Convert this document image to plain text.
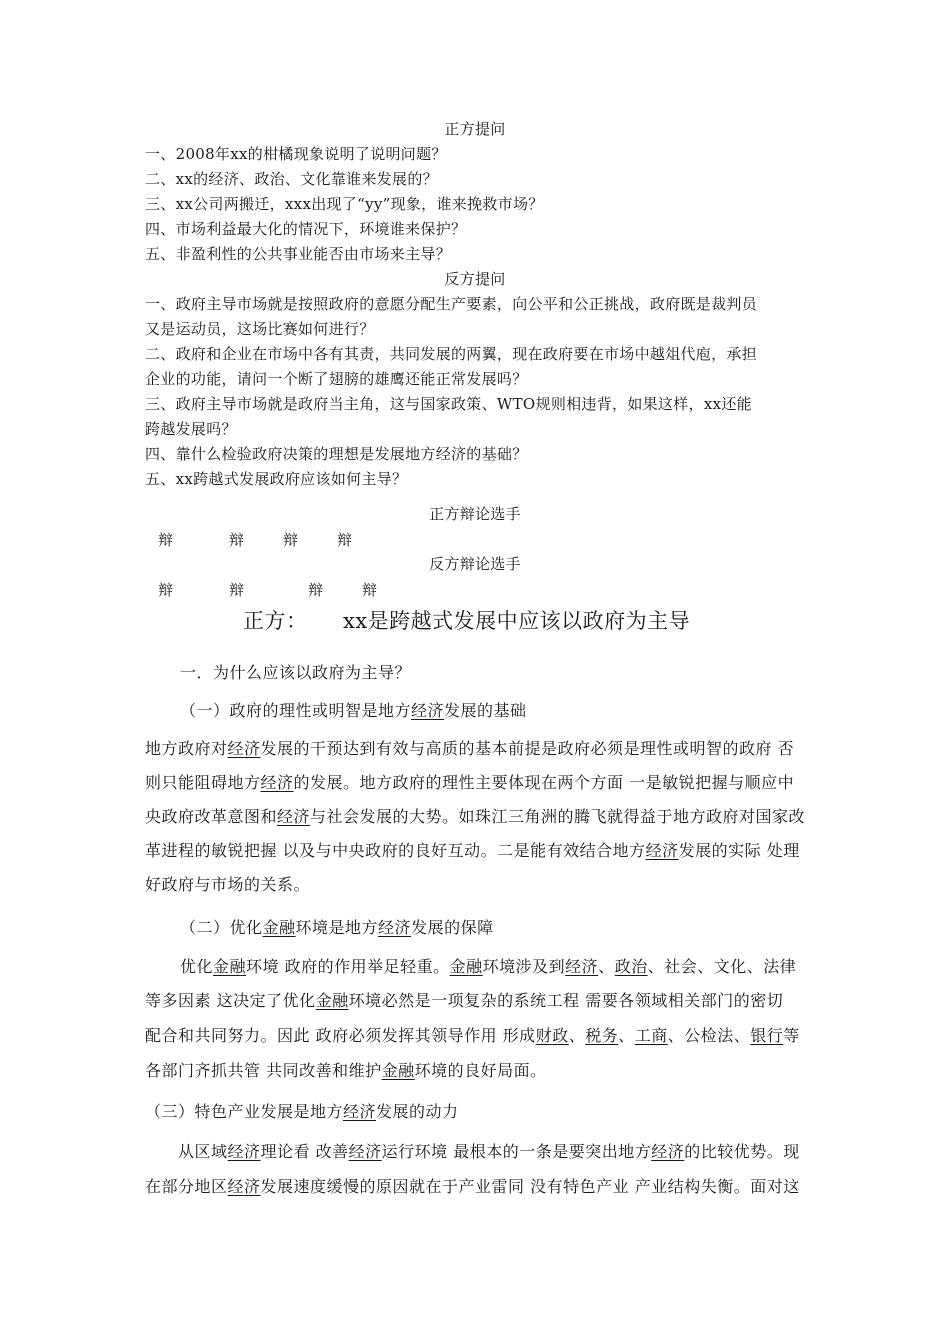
正方提问
一、2008年xx的柑橘现象说明了说明问题？
二、xx的经济、政治、文化靠谁来发展的？
三、xx公司两搬迁，xxx出现了“yy”现象，谁来挽救市场？
四、市场利益最大化的情况下，环境谁来保护？
五、非盈利性的公共事业能否由市场来主导？
反方提问
一、政府主导市场就是按照政府的意愿分配生产要素，向公平和公正挑战，政府既是裁判员
又是运动员，这场比赛如何进行？
二、政府和企业在市场中各有其责，共同发展的两翼，现在政府要在市场中越俎代庖，承担
企业的功能，请问一个断了翅膀的雄鹰还能正常发展吗？
三、政府主导市场就是政府当主角，这与国家政策、WTO规则相违背，如果这样，xx还能
跨越发展吗？
四、靠什么检验政府决策的理想是发展地方经济的基础？
五、xx跨越式发展政府应该如何主导？
正方辩论选手
辩	辩	辩	辩
反方辩论选手
辩	辩	辩	辩
正方： xx是跨越式发展中应该以政府为主导
一．为什么应该以政府为主导？
（一）政府的理性或明智是地方经济发展的基础
地方政府对经济发展的干预达到有效与高质的基本前提是政府必须是理性或明智的政府 否
则只能阻碍地方经济的发展。地方政府的理性主要体现在两个方面 一是敏锐把握与顺应中
央政府改革意图和经济与社会发展的大势。如珠江三角洲的腾飞就得益于地方政府对国家改
革进程的敏锐把握 以及与中央政府的良好互动。二是能有效结合地方经济发展的实际 处理
好政府与市场的关系。
（二）优化金融环境是地方经济发展的保障
优化金融环境 政府的作用举足轻重。金融环境涉及到经济、政治、社会、文化、法律
等多因素 这决定了优化金融环境必然是一项复杂的系统工程 需要各领域相关部门的密切
配合和共同努力。因此 政府必须发挥其领导作用 形成财政、税务、工商、公检法、银行等
各部门齐抓共管 共同改善和维护金融环境的良好局面。
（三）特色产业发展是地方经济发展的动力
从区域经济理论看 改善经济运行环境 最根本的一条是要突出地方经济的比较优势。现
在部分地区经济发展速度缓慢的原因就在于产业雷同 没有特色产业 产业结构失衡。面对这
